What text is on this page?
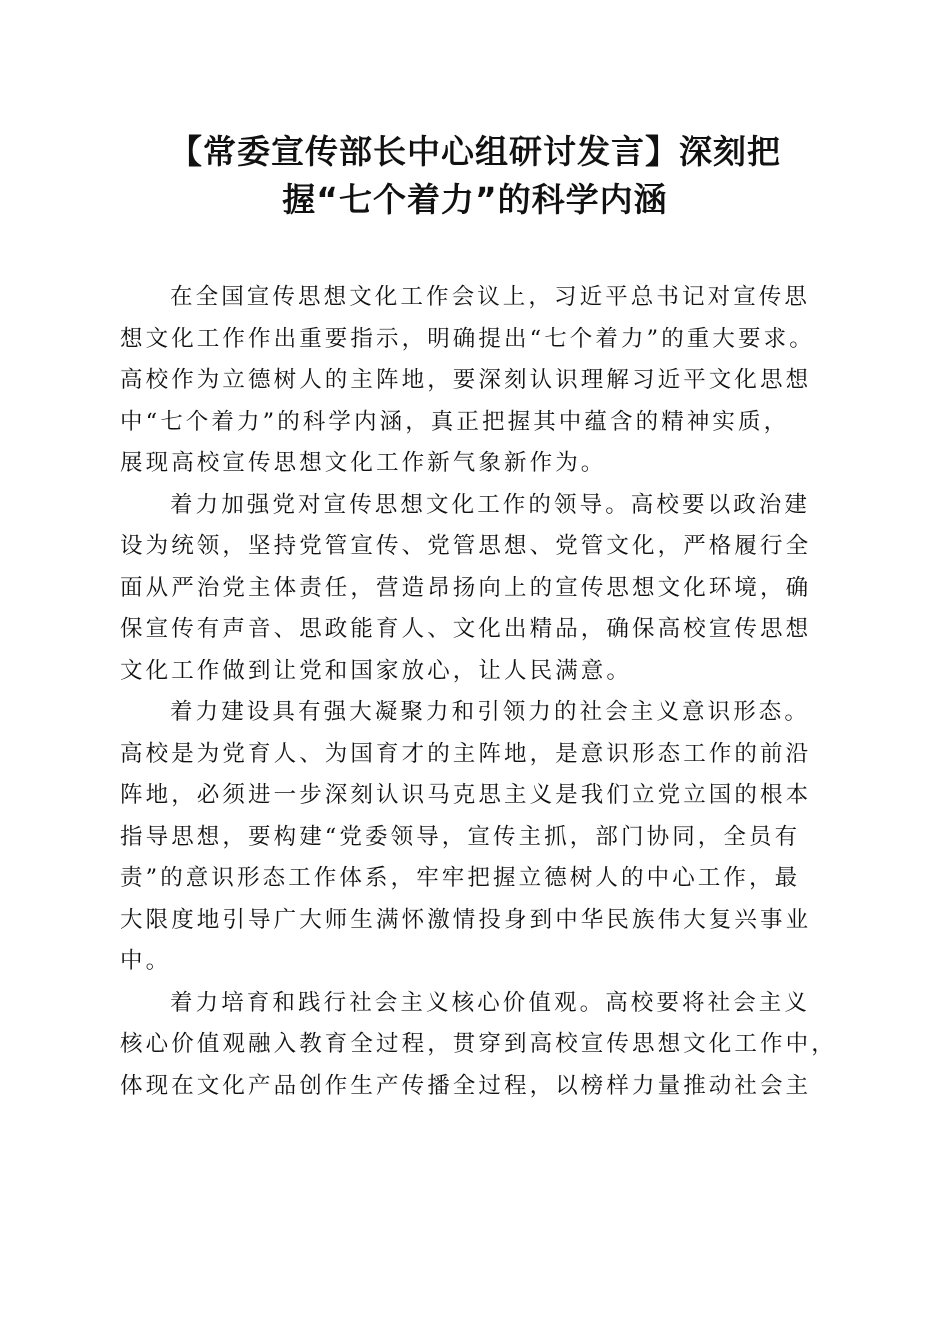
【常委宣传部长中心组研讨发言】深刻把
握“七个着力”的科学内涵

在全国宣传思想文化工作会议上，习近平总书记对宣传思
想文化工作作出重要指示，明确提出“七个着力”的重大要求。
高校作为立德树人的主阵地，要深刻认识理解习近平文化思想
中“七个着力”的科学内涵，真正把握其中蕴含的精神实质，
展现高校宣传思想文化工作新气象新作为。

着力加强党对宣传思想文化工作的领导。高校要以政治建
设为统领，坚持党管宣传、党管思想、党管文化，严格履行全
面从严治党主体责任，营造昂扬向上的宣传思想文化环境，确
保宣传有声音、思政能育人、文化出精品，确保高校宣传思想
文化工作做到让党和国家放心，让人民满意。

着力建设具有强大凝聚力和引领力的社会主义意识形态。
高校是为党育人、为国育才的主阵地，是意识形态工作的前沿
阵地，必须进一步深刻认识马克思主义是我们立党立国的根本
指导思想，要构建“党委领导，宣传主抓，部门协同，全员有
责”的意识形态工作体系，牢牢把握立德树人的中心工作，最
大限度地引导广大师生满怀激情投身到中华民族伟大复兴事业
中。

着力培育和践行社会主义核心价值观。高校要将社会主义
核心价值观融入教育全过程，贯穿到高校宣传思想文化工作中，
体现在文化产品创作生产传播全过程，以榜样力量推动社会主
